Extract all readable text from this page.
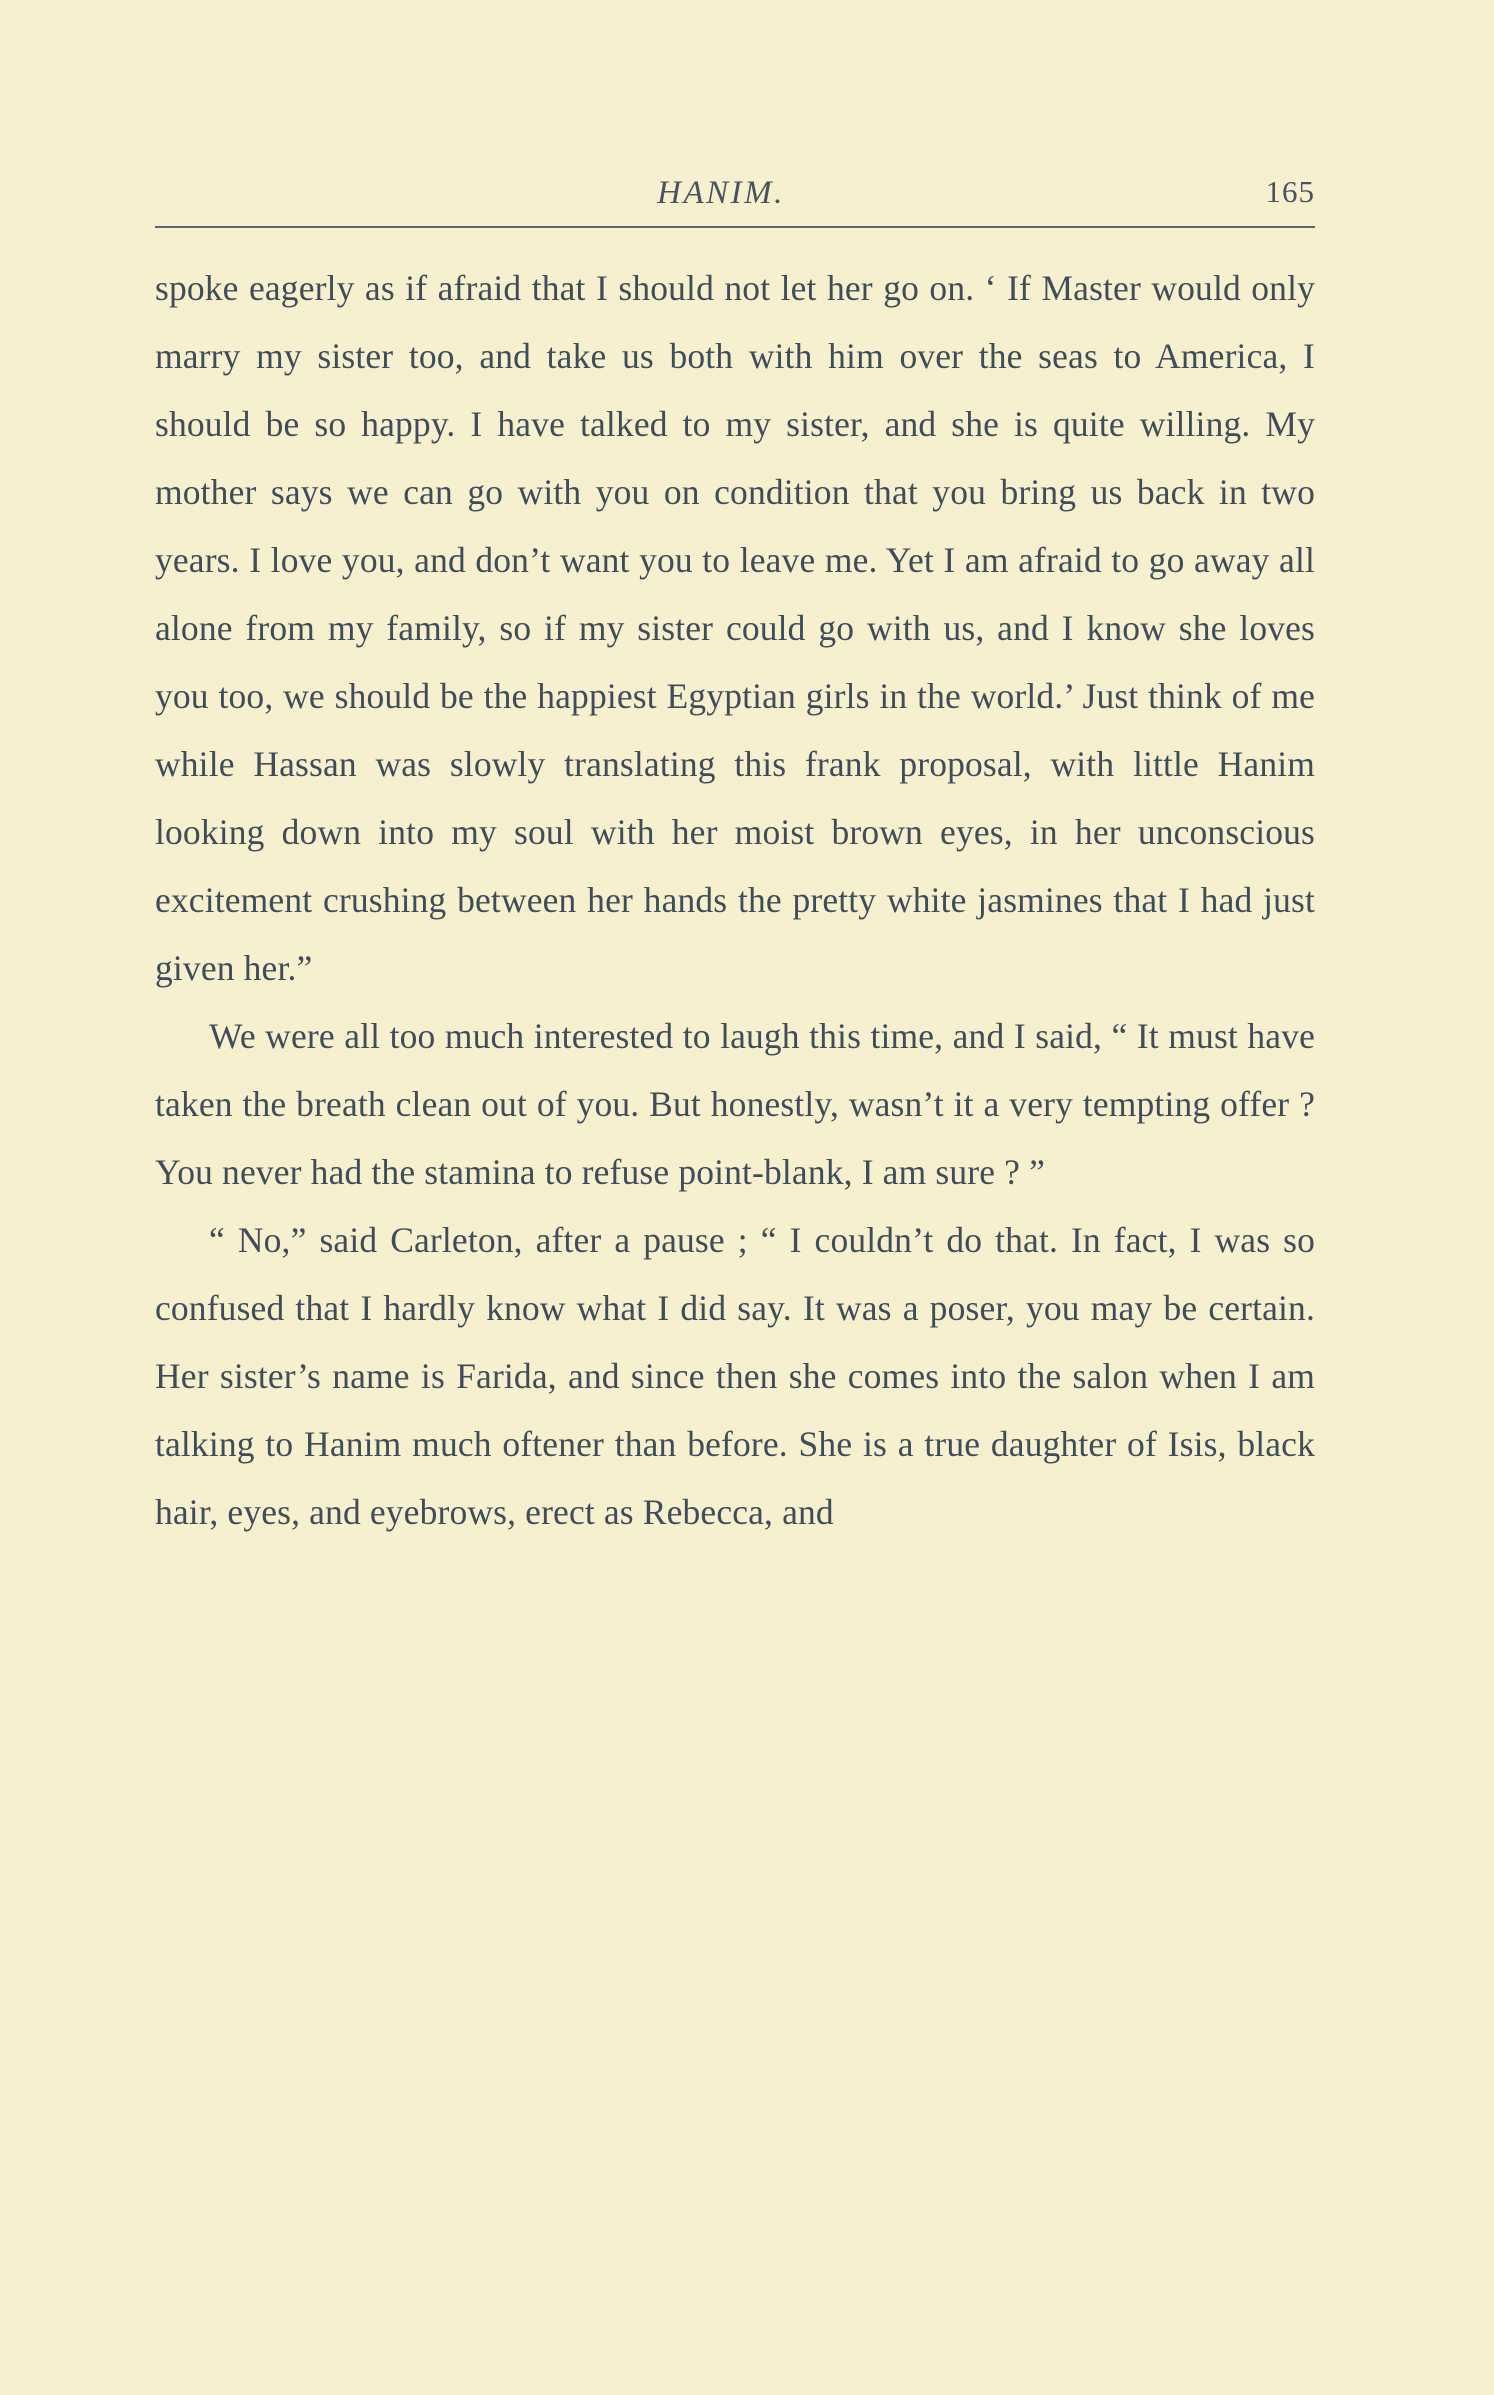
HANIM.	165

spoke eagerly as if afraid that I should not let her go on. ‘ If Master would only marry my sister too, and take us both with him over the seas to America, I should be so happy. I have talked to my sister, and she is quite willing. My mother says we can go with you on condition that you bring us back in two years. I love you, and don’t want you to leave me. Yet I am afraid to go away all alone from my family, so if my sister could go with us, and I know she loves you too, we should be the happiest Egyptian girls in the world.’ Just think of me while Hassan was slowly translating this frank proposal, with little Hanim looking down into my soul with her moist brown eyes, in her unconscious excitement crushing between her hands the pretty white jasmines that I had just given her.”

We were all too much interested to laugh this time, and I said, “ It must have taken the breath clean out of you. But honestly, wasn’t it a very tempting offer ? You never had the stamina to refuse point-blank, I am sure ? ”

“ No,” said Carleton, after a pause ; “ I couldn’t do that. In fact, I was so confused that I hardly know what I did say. It was a poser, you may be certain. Her sister’s name is Farida, and since then she comes into the salon when I am talking to Hanim much oftener than before. She is a true daughter of Isis, black hair, eyes, and eyebrows, erect as Rebecca, and
